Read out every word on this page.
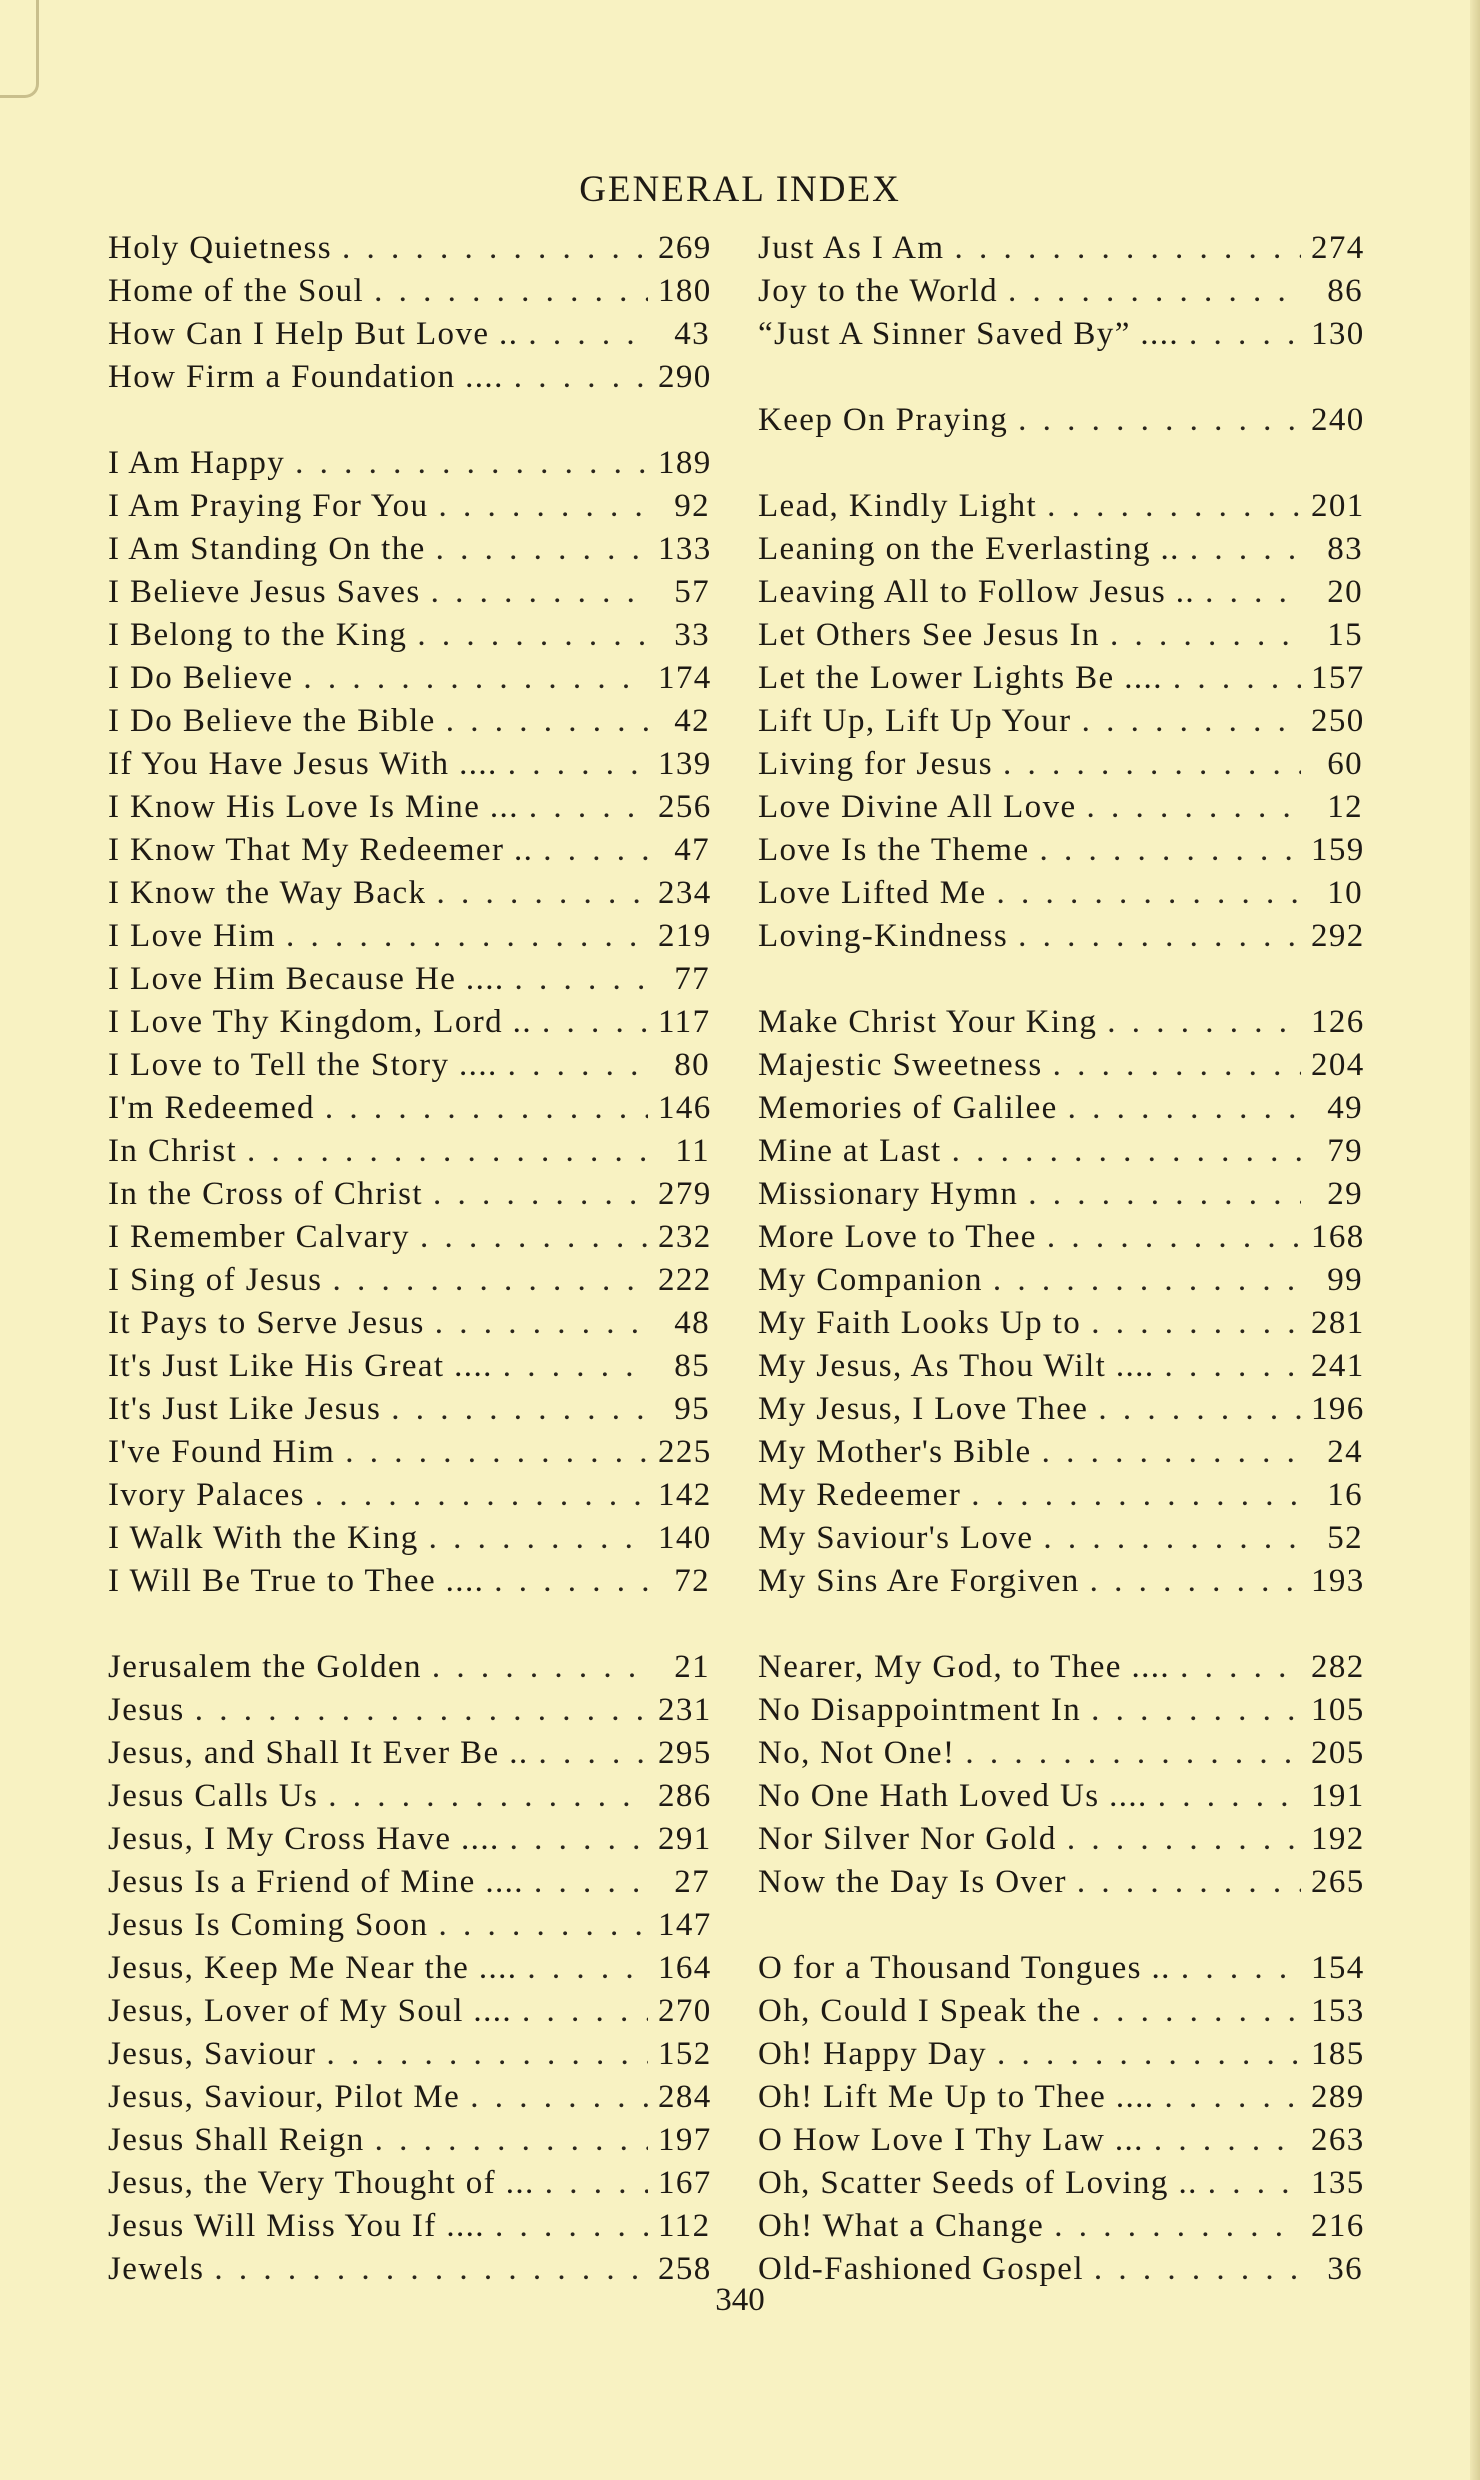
GENERAL INDEX
Holy Quietness . . .	269
Home of the Soul . . .	180
How Can I Help But Love .. . . .	43
How Firm a Foundation .... . . .	290
I Am Happy . . .	189
I Am Praying For You . . .	92
I Am Standing On the . . .	133
I Believe Jesus Saves . . .	57
I Belong to the King . . .	33
I Do Believe . . .	174
I Do Believe the Bible . . .	42
If You Have Jesus With .... . . .	139
I Know His Love Is Mine ... . . .	256
I Know That My Redeemer .. . . .	47
I Know the Way Back . . .	234
I Love Him . . .	219
I Love Him Because He .... . . .	77
I Love Thy Kingdom, Lord .. . . .	117
I Love to Tell the Story .... . . .	80
I'm Redeemed . . .	146
In Christ . . .	11
In the Cross of Christ . . .	279
I Remember Calvary . . .	232
I Sing of Jesus . . .	222
It Pays to Serve Jesus . . .	48
It's Just Like His Great .... . . .	85
It's Just Like Jesus . . .	95
I've Found Him . . .	225
Ivory Palaces . . .	142
I Walk With the King . . .	140
I Will Be True to Thee .... . . .	72
Jerusalem the Golden . . .	21
Jesus . . .	231
Jesus, and Shall It Ever Be .. . . .	295
Jesus Calls Us . . .	286
Jesus, I My Cross Have .... . . .	291
Jesus Is a Friend of Mine .... . . .	27
Jesus Is Coming Soon . . .	147
Jesus, Keep Me Near the .... . . .	164
Jesus, Lover of My Soul .... . . .	270
Jesus, Saviour . . .	152
Jesus, Saviour, Pilot Me . . .	284
Jesus Shall Reign . . .	197
Jesus, the Very Thought of ... . . .	167
Jesus Will Miss You If .... . . .	112
Jewels . . .	258
Just As I Am . . .	274
Joy to the World . . .	86
“Just A Sinner Saved By” .... . . .	130
Keep On Praying . . .	240
Lead, Kindly Light . . .	201
Leaning on the Everlasting .. . . .	83
Leaving All to Follow Jesus .. . . .	20
Let Others See Jesus In . . .	15
Let the Lower Lights Be .... . . .	157
Lift Up, Lift Up Your . . .	250
Living for Jesus . . .	60
Love Divine All Love . . .	12
Love Is the Theme . . .	159
Love Lifted Me . . .	10
Loving-Kindness . . .	292
Make Christ Your King . . .	126
Majestic Sweetness . . .	204
Memories of Galilee . . .	49
Mine at Last . . .	79
Missionary Hymn . . .	29
More Love to Thee . . .	168
My Companion . . .	99
My Faith Looks Up to . . .	281
My Jesus, As Thou Wilt .... . . .	241
My Jesus, I Love Thee . . .	196
My Mother's Bible . . .	24
My Redeemer . . .	16
My Saviour's Love . . .	52
My Sins Are Forgiven . . .	193
Nearer, My God, to Thee .... . . .	282
No Disappointment In . . .	105
No, Not One! . . .	205
No One Hath Loved Us .... . . .	191
Nor Silver Nor Gold . . .	192
Now the Day Is Over . . .	265
O for a Thousand Tongues .. . . .	154
Oh, Could I Speak the . . .	153
Oh! Happy Day . . .	185
Oh! Lift Me Up to Thee .... . . .	289
O How Love I Thy Law ... . . .	263
Oh, Scatter Seeds of Loving .. . . .	135
Oh! What a Change . . .	216
Old-Fashioned Gospel . . .	36
340
